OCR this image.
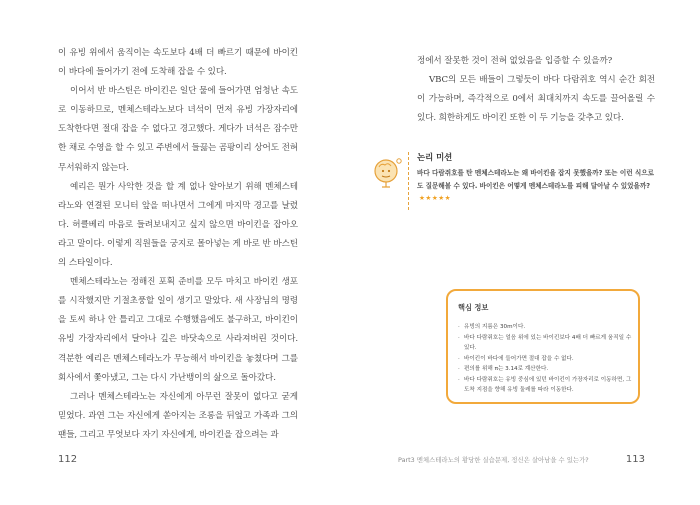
이 유빙 위에서 움직이는 속도보다 4배 더 빠르기 때문에 바이킨이 바다에 들어가기 전에 도착해 잡을 수 있다.

이어서 반 바스틴은 바이킨은 일단 물에 들어가면 엄청난 속도로 이동하므로, 멘체스테라노보다 녀석이 먼저 유빙 가장자리에 도착한다면 절대 잡을 수 없다고 경고했다. 게다가 녀석은 잠수만 한 채로 수영을 할 수 있고 주변에서 들끓는 곰팡이리 상어도 전혀 무서워하지 않는다.

예리은 뭔가 사악한 것을 할 계 없나 알아보기 위해 멘체스테라노와 연결된 모니터 앞을 떠나면서 그에게 마지막 경고를 날렸다. 허클베리 마음로 들려보내지고 싶지 않으면 바이킨을 잡아오라고 말이다. 이렇게 직원들을 궁지로 몰아넣는 게 바로 반 바스틴의 스타일이다.

멘체스테라노는 정해진 포획 준비를 모두 마치고 바이킨 생포를 시작했지만 기절초풍할 일이 생기고 말았다. 새 사장님의 명령을 토씨 하나 안 틀리고 그대로 수행했음에도 불구하고, 바이킨이 유빙 가장자리에서 달아나 깊은 바닷속으로 사라져버린 것이다. 격분한 예리은 멘체스테라노가 무능해서 바이킨을 놓쳤다며 그를 회사에서 쫓아냈고, 그는 다시 가난뱅이의 삶으로 돌아갔다.

그러나 멘체스테라노는 자신에게 아무런 잘못이 없다고 굳게 믿었다. 과연 그는 자신에게 쏟아지는 조롱을 뒤엎고 가족과 그의 팬들, 그리고 무엇보다 자기 자신에게, 바이킨을 잡으려는 과

112

정에서 잘못한 것이 전혀 없었음을 입증할 수 있을까?

VBC의 모든 배들이 그렇듯이 바다 다람쥐호 역시 순간 회전이 가능하며, 즉각적으로 0에서 최대치까지 속도를 끌어올릴 수 있다. 희한하게도 바이킨 또한 이 두 기능을 갖추고 있다.

논리 미션
바다 다람쥐호를 탄 멘체스테라노는 왜 바이킨을 잡지 못했을까? 또는 이런 식으로도 질문해볼 수 있다. 바이킨은 어떻게 멘체스테라노를 피해 달아날 수 있었을까? ★★★★★
핵심 정보
· 유빙의 지름은 30m이다.
· 바다 다람쥐호는 얼음 위에 있는 바이킨보다 4배 더 빠르게 움직일 수 있다.
· 바이킨이 바다에 들어가면 절대 잡을 수 없다.
· 편의를 위해 π는 3.14로 계산한다.
· 바다 다람쥐호는 유빙 중심에 있던 바이킨이 가장자리로 이동하면, 그 도착 지점을 향해 유빙 둘레를 따라 이동한다.
Part3 멘체스테라노의 황당한 실습문제, 정신은 살아남을 수 있는가?	113
